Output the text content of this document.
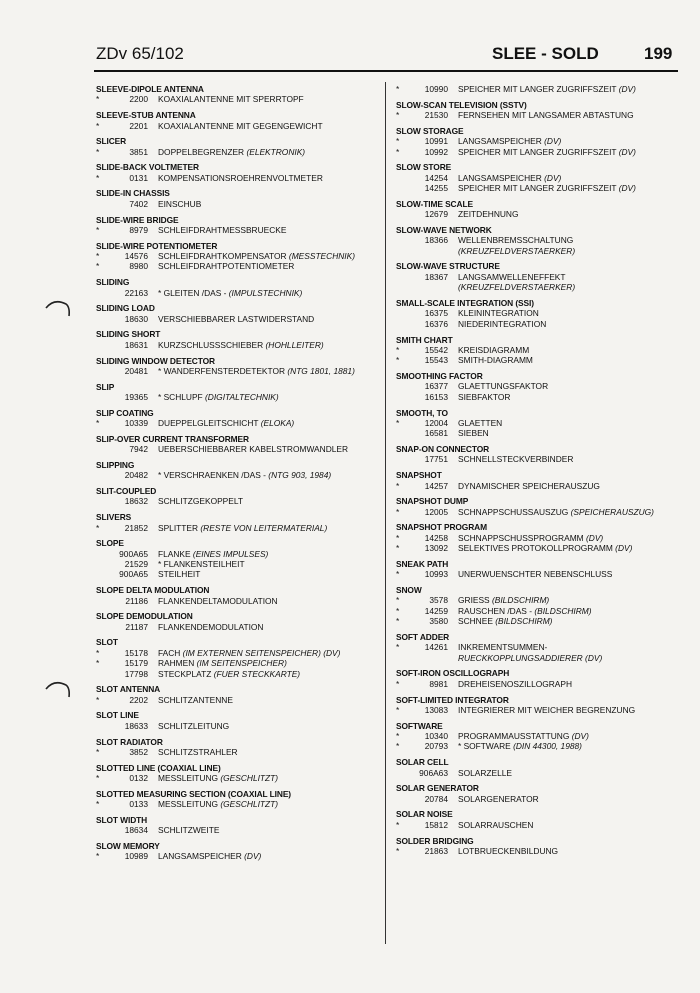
ZDv 65/102	SLEE - SOLD	199
SLEEVE-DIPOLE ANTENNA
*	2200	KOAXIALANTENNE MIT SPERRTOPF
SLEEVE-STUB ANTENNA
*	2201	KOAXIALANTENNE MIT GEGENGEWICHT
SLICER
*	3851	DOPPELBEGRENZER (ELEKTRONIK)
SLIDE-BACK VOLTMETER
*	0131	KOMPENSATIONSROEHRENVOLTMETER
SLIDE-IN CHASSIS
7402	EINSCHUB
SLIDE-WIRE BRIDGE
*	8979	SCHLEIFDRAHTMESSBRUECKE
SLIDE-WIRE POTENTIOMETER
*	14576	SCHLEIFDRAHTKOMPENSATOR (MESSTECHNIK)
*	8980	SCHLEIFDRAHTPOTENTIOMETER
SLIDING
22163	* GLEITEN /DAS - (IMPULSTECHNIK)
SLIDING LOAD
18630	VERSCHIEBBARER LASTWIDERSTAND
SLIDING SHORT
18631	KURZSCHLUSSSCHIEBER (HOHLLEITER)
SLIDING WINDOW DETECTOR
20481	* WANDERFENSTERDETEKTOR (NTG 1801, 1881)
SLIP
19365	* SCHLUPF (DIGITALTECHNIK)
SLIP COATING
*	10339	DUEPPELGLEITSCHICHT (ELOKA)
SLIP-OVER CURRENT TRANSFORMER
7942	UEBERSCHIEBBARER KABELSTROMWANDLER
SLIPPING
20482	* VERSCHRAENKEN /DAS - (NTG 903, 1984)
SLIT-COUPLED
18632	SCHLITZGEKOPPELT
SLIVERS
*	21852	SPLITTER (RESTE VON LEITERMATERIAL)
SLOPE
900A65	FLANKE (EINES IMPULSES)
21529	* FLANKENSTEILHEIT
900A65	STEILHEIT
SLOPE DELTA MODULATION
21186	FLANKENDELTAMODULATION
SLOPE DEMODULATION
21187	FLANKENDEMODULATION
SLOT
*	15178	FACH (IM EXTERNEN SEITENSPEICHER) (DV)
*	15179	RAHMEN (IM SEITENSPEICHER)
17798	STECKPLATZ (FUER STECKKARTE)
SLOT ANTENNA
*	2202	SCHLITZANTENNE
SLOT LINE
18633	SCHLITZLEITUNG
SLOT RADIATOR
*	3852	SCHLITZSTRAHLER
SLOTTED LINE (COAXIAL LINE)
*	0132	MESSLEITUNG (GESCHLITZT)
SLOTTED MEASURING SECTION (COAXIAL LINE)
*	0133	MESSLEITUNG (GESCHLITZT)
SLOT WIDTH
18634	SCHLITZWEITE
SLOW MEMORY
*	10989	LANGSAMSPEICHER (DV)
*	10990	SPEICHER MIT LANGER ZUGRIFFSZEIT (DV)
SLOW-SCAN TELEVISION (SSTV)
*	21530	FERNSEHEN MIT LANGSAMER ABTASTUNG
SLOW STORAGE
*	10991	LANGSAMSPEICHER (DV)
*	10992	SPEICHER MIT LANGER ZUGRIFFSZEIT (DV)
SLOW STORE
14254	LANGSAMSPEICHER (DV)
14255	SPEICHER MIT LANGER ZUGRIFFSZEIT (DV)
SLOW-TIME SCALE
12679	ZEITDEHNUNG
SLOW-WAVE NETWORK
18366	WELLENBREMSSCHALTUNG
(KREUZFELDVERSTAERKER)
SLOW-WAVE STRUCTURE
18367	LANGSAMWELLENEFFEKT
(KREUZFELDVERSTAERKER)
SMALL-SCALE INTEGRATION (SSI)
16375	KLEININTEGRATION
16376	NIEDERINTEGRATION
SMITH CHART
*	15542	KREISDIAGRAMM
*	15543	SMITH-DIAGRAMM
SMOOTHING FACTOR
16377	GLAETTUNGSFAKTOR
16153	SIEBFAKTOR
SMOOTH, TO
*	12004	GLAETTEN
16581	SIEBEN
SNAP-ON CONNECTOR
17751	SCHNELLSTECKVERBINDER
SNAPSHOT
*	14257	DYNAMISCHER SPEICHERAUSZUG
SNAPSHOT DUMP
*	12005	SCHNAPPSCHUSSAUSZUG (SPEICHERAUSZUG)
SNAPSHOT PROGRAM
*	14258	SCHNAPPSCHUSSPROGRAMM (DV)
*	13092	SELEKTIVES PROTOKOLLPROGRAMM (DV)
SNEAK PATH
*	10993	UNERWUENSCHTER NEBENSCHLUSS
SNOW
*	3578	GRIESS (BILDSCHIRM)
*	14259	RAUSCHEN /DAS - (BILDSCHIRM)
*	3580	SCHNEE (BILDSCHIRM)
SOFT ADDER
*	14261	INKREMENTSUMMEN-
RUECKKOPPLUNGSADDIERER (DV)
SOFT-IRON OSCILLOGRAPH
*	8981	DREHEISENOSZILLOGRAPH
SOFT-LIMITED INTEGRATOR
*	13083	INTEGRIERER MIT WEICHER BEGRENZUNG
SOFTWARE
*	10340	PROGRAMMAUSSTATTUNG (DV)
*	20793	* SOFTWARE (DIN 44300, 1988)
SOLAR CELL
906A63	SOLARZELLE
SOLAR GENERATOR
20784	SOLARGENERATOR
SOLAR NOISE
*	15812	SOLARRAUSCHEN
SOLDER BRIDGING
*	21863	LOTBRUECKENBILDUNG
